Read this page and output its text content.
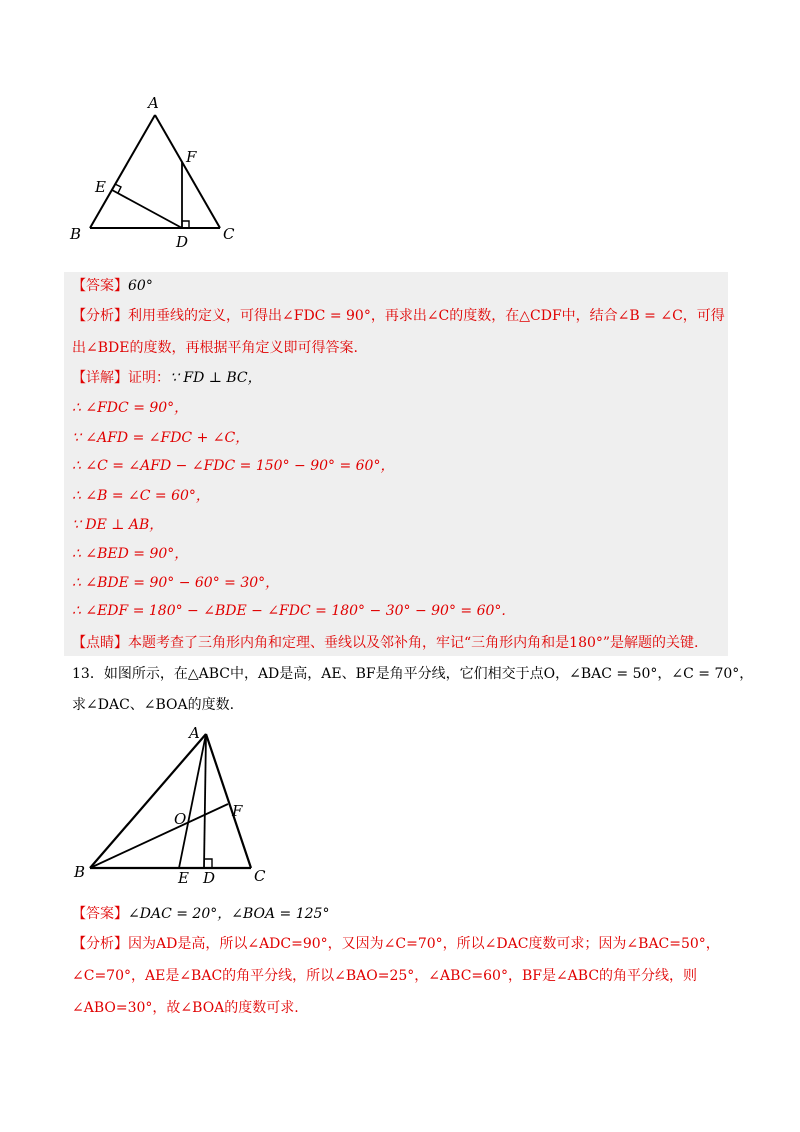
A
B	C
D
E
F
【答案】60°
【分析】利用垂线的定义，可得出∠FDC = 90°，再求出∠C的度数，在△CDF中，结合∠B = ∠C，可得
出∠BDE的度数，再根据平角定义即可得答案.
【详解】证明：∵ FD ⊥ BC，
∴ ∠FDC = 90°，
∵ ∠AFD = ∠FDC + ∠C，
∴ ∠C = ∠AFD − ∠FDC = 150° − 90° = 60°，
∴ ∠B = ∠C = 60°，
∵ DE ⊥ AB，
∴ ∠BED = 90°，
∴ ∠BDE = 90° − 60° = 30°，
∴ ∠EDF = 180° − ∠BDE − ∠FDC = 180° − 30° − 90° = 60°.
【点睛】本题考查了三角形内角和定理、垂线以及邻补角，牢记“三角形内角和是180°”是解题的关键.
13．如图所示，在△ABC中，AD是高，AE、BF是角平分线，它们相交于点O，∠BAC = 50°，∠C = 70°，
求∠DAC、∠BOA的度数.
A
B	C
D
E
F
O
【答案】∠DAC = 20°，∠BOA = 125°
【分析】因为AD是高，所以∠ADC=90°，又因为∠C=70°，所以∠DAC度数可求；因为∠BAC=50°，
∠C=70°，AE是∠BAC的角平分线，所以∠BAO=25°，∠ABC=60°，BF是∠ABC的角平分线，则
∠ABO=30°，故∠BOA的度数可求.
